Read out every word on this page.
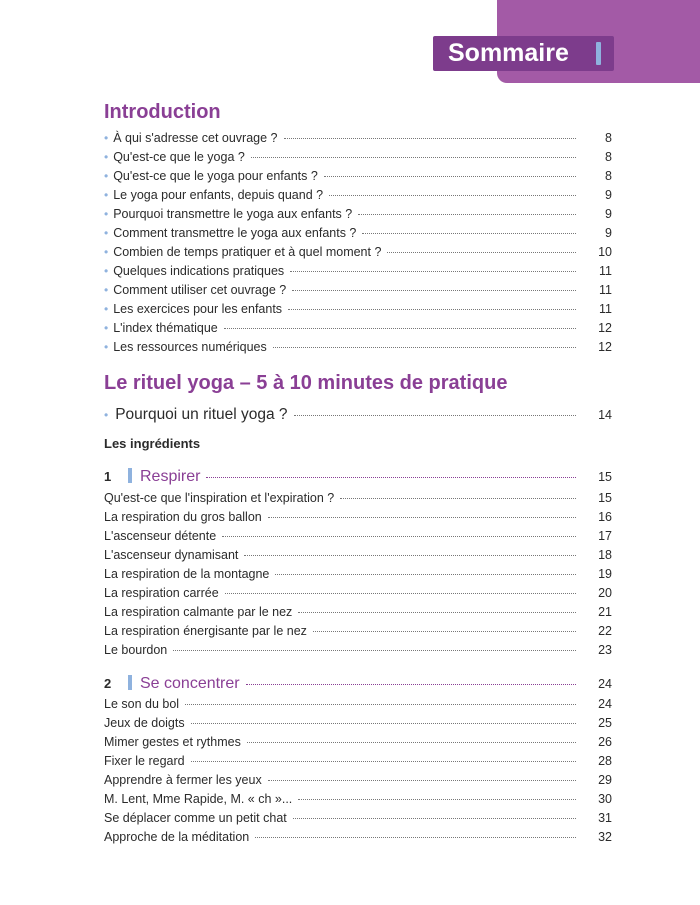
Sommaire
Introduction
• À qui s'adresse cet ouvrage ?	8
• Qu'est-ce que le yoga ?	8
• Qu'est-ce que le yoga pour enfants ?	8
• Le yoga pour enfants, depuis quand ?	9
• Pourquoi transmettre le yoga aux enfants ?	9
• Comment transmettre le yoga aux enfants ?	9
• Combien de temps pratiquer et à quel moment ?	10
• Quelques indications pratiques	11
• Comment utiliser cet ouvrage ?	11
• Les exercices pour les enfants	11
• L'index thématique	12
• Les ressources numériques	12
Le rituel yoga – 5 à 10 minutes de pratique
• Pourquoi un rituel yoga ?	14
Les ingrédients
1	Respirer	15
Qu'est-ce que l'inspiration et l'expiration ?	15
La respiration du gros ballon	16
L'ascenseur détente	17
L'ascenseur dynamisant	18
La respiration de la montagne	19
La respiration carrée	20
La respiration calmante par le nez	21
La respiration énergisante par le nez	22
Le bourdon	23
2	Se concentrer	24
Le son du bol	24
Jeux de doigts	25
Mimer gestes et rythmes	26
Fixer le regard	28
Apprendre à fermer les yeux	29
M. Lent, Mme Rapide, M. « ch »...	30
Se déplacer comme un petit chat	31
Approche de la méditation	32
